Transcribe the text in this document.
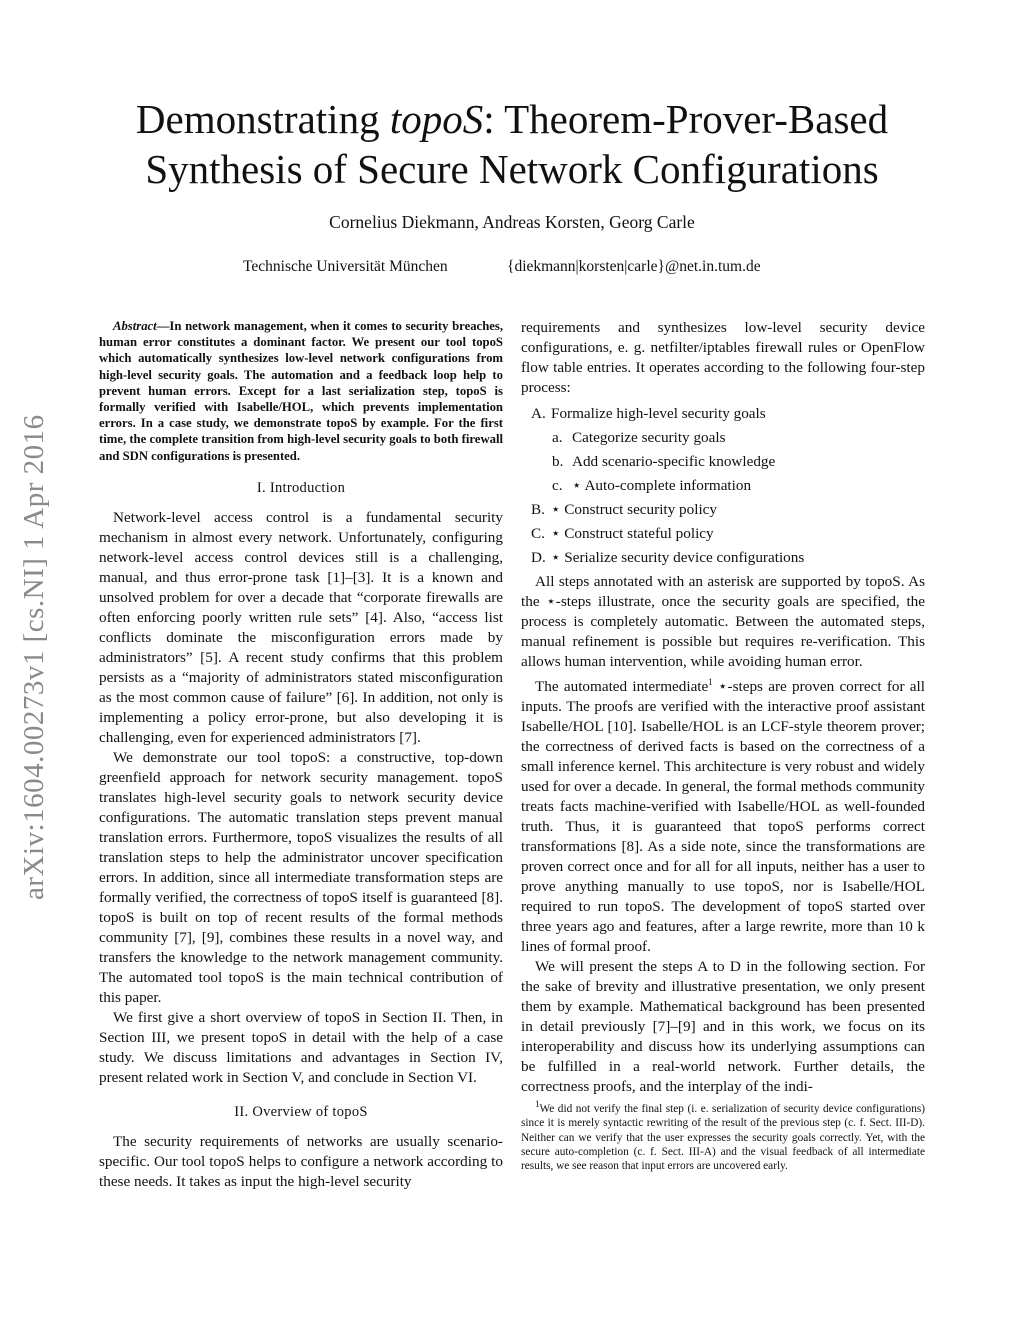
arXiv:1604.00273v1 [cs.NI] 1 Apr 2016
Demonstrating topoS: Theorem-Prover-Based
Synthesis of Secure Network Configurations

Cornelius Diekmann, Andreas Korsten, Georg Carle

Technische Universität München	{diekmann|korsten|carle}@net.in.tum.de

Abstract—In network management, when it comes to security breaches, human error constitutes a dominant factor. We present our tool topoS which automatically synthesizes low-level network configurations from high-level security goals. The automation and a feedback loop help to prevent human errors. Except for a last serialization step, topoS is formally verified with Isabelle/HOL, which prevents implementation errors. In a case study, we demonstrate topoS by example. For the first time, the complete transition from high-level security goals to both firewall and SDN configurations is presented.

I. Introduction

Network-level access control is a fundamental security mechanism in almost every network. Unfortunately, configuring network-level access control devices still is a challenging, manual, and thus error-prone task [1]–[3]. It is a known and unsolved problem for over a decade that “corporate firewalls are often enforcing poorly written rule sets” [4]. Also, “access list conflicts dominate the misconfiguration errors made by administrators” [5]. A recent study confirms that this problem persists as a “majority of administrators stated misconfiguration as the most common cause of failure” [6]. In addition, not only is implementing a policy error-prone, but also developing it is challenging, even for experienced administrators [7].

We demonstrate our tool topoS: a constructive, top-down greenfield approach for network security management. topoS translates high-level security goals to network security device configurations. The automatic translation steps prevent manual translation errors. Furthermore, topoS visualizes the results of all translation steps to help the administrator uncover specification errors. In addition, since all intermediate transformation steps are formally verified, the correctness of topoS itself is guaranteed [8]. topoS is built on top of recent results of the formal methods community [7], [9], combines these results in a novel way, and transfers the knowledge to the network management community. The automated tool topoS is the main technical contribution of this paper.

We first give a short overview of topoS in Section II. Then, in Section III, we present topoS in detail with the help of a case study. We discuss limitations and advantages in Section IV, present related work in Section V, and conclude in Section VI.

II. Overview of topoS

The security requirements of networks are usually scenario-specific. Our tool topoS helps to configure a network according to these needs. It takes as input the high-level security

requirements and synthesizes low-level security device configurations, e. g. netfilter/iptables firewall rules or OpenFlow flow table entries. It operates according to the following four-step process:

A. Formalize high-level security goals
a. Categorize security goals
b. Add scenario-specific knowledge
c. ⋆ Auto-complete information
B. ⋆ Construct security policy
C. ⋆ Construct stateful policy
D. ⋆ Serialize security device configurations

All steps annotated with an asterisk are supported by topoS. As the ⋆-steps illustrate, once the security goals are specified, the process is completely automatic. Between the automated steps, manual refinement is possible but requires re-verification. This allows human intervention, while avoiding human error.

The automated intermediate$^1$ ⋆-steps are proven correct for all inputs. The proofs are verified with the interactive proof assistant Isabelle/HOL [10]. Isabelle/HOL is an LCF-style theorem prover; the correctness of derived facts is based on the correctness of a small inference kernel. This architecture is very robust and widely used for over a decade. In general, the formal methods community treats facts machine-verified with Isabelle/HOL as well-founded truth. Thus, it is guaranteed that topoS performs correct transformations [8]. As a side note, since the transformations are proven correct once and for all for all inputs, neither has a user to prove anything manually to use topoS, nor is Isabelle/HOL required to run topoS. The development of topoS started over three years ago and features, after a large rewrite, more than 10 k lines of formal proof.

We will present the steps A to D in the following section. For the sake of brevity and illustrative presentation, we only present them by example. Mathematical background has been presented in detail previously [7]–[9] and in this work, we focus on its interoperability and discuss how its underlying assumptions can be fulfilled in a real-world network. Further details, the correctness proofs, and the interplay of the indi-

$^1$We did not verify the final step (i. e. serialization of security device configurations) since it is merely syntactic rewriting of the result of the previous step (c. f. Sect. III-D). Neither can we verify that the user expresses the security goals correctly. Yet, with the secure auto-completion (c. f. Sect. III-A) and the visual feedback of all intermediate results, we see reason that input errors are uncovered early.
